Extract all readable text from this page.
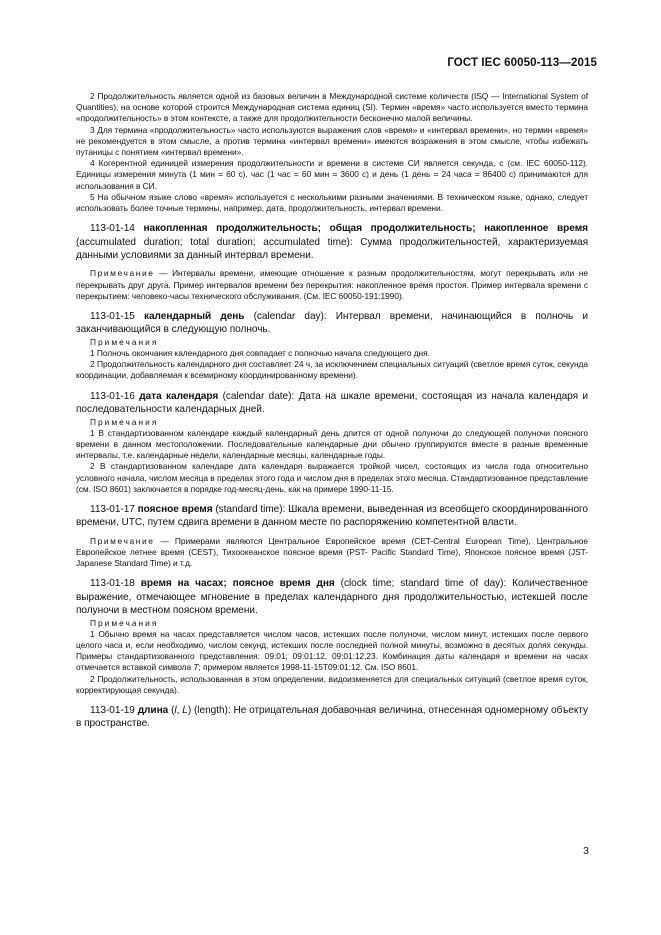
ГОСТ IEC 60050-113—2015

2 Продолжительность является одной из базовых величин в Международной системе количеств (ISQ — International System of Quantities), на основе которой строится Международная система единиц (SI). Термин «время» часто используется вместо термина «продолжительность» в этом контексте, а также для продолжительности бесконечно малой величины.

3 Для термина «продолжительность» часто используются выражения слов «время» и «интервал времени», но термин «время» не рекомендуется в этом смысле, а против термина «интервал времени» имеются возражения в этом смысле, чтобы избежать путаницы с понятием «интервал времени».

4 Когерентной единицей измерения продолжительности и времени в системе СИ является секунда, с (см. IEC 60050-112). Единицы измерения минута (1 мин = 60 с), час (1 час = 60 мин = 3600 с) и день (1 день = 24 часа = 86400 с) принимаются для использования в СИ.

5 На обычном языке слово «время» используется с несколькими разными значениями. В техническом языке, однако, следует использовать более точные термины, например, дата, продолжительность, интервал времени.

113-01-14 накопленная продолжительность; общая продолжительность; накопленное время (accumulated duration; total duration; accumulated time): Сумма продолжительностей, характеризуемая данными условиями за данный интервал времени.

Примечание — Интервалы времени, имеющие отношение к разным продолжительностям, могут перекрывать или не перекрывать друг друга. Пример интервалов времени без перекрытия: накопленное время простоя. Пример интервала времени с перекрытием: человеко-часы технического обслуживания. (См. IEC 60050-191:1990).

113-01-15 календарный день (calendar day): Интервал времени, начинающийся в полночь и заканчивающийся в следующую полночь.

Примечания

1 Полночь окончания календарного дня совпадает с полночью начала следующего дня.

2 Продолжительность календарного дня составляет 24 ч, за исключением специальных ситуаций (светлое время суток, секунда координации, добавляемая к всемирному координированному времени).

113-01-16 дата календаря (calendar date): Дата на шкале времени, состоящая из начала календаря и последовательности календарных дней.

Примечания

1 В стандартизованном календаре каждый календарный день длится от одной полуночи до следующей полуночи поясного времени в данном местоположении. Последовательные календарные дни обычно группируются вместе в разные временные интервалы, т.е. календарные недели, календарные месяцы, календарные годы.

2 В стандартизованном календаре дата календаря выражается тройкой чисел, состоящих из числа года относительно условного начала, числом месяца в пределах этого года и числом дня в пределах этого месяца. Стандартизованное представление (см. ISO 8601) заключается в порядке год-месяц-день, как на примере 1990-11-15.

113-01-17 поясное время (standard time): Шкала времени, выведенная из всеобщего скоординированного времени, UTC, путем сдвига времени в данном месте по распоряжению компетентной власти.

Примечание — Примерами являются Центральное Европейское время (CET-Central European Time), Центральное Европейское летнее время (CEST), Тихоокеанское поясное время (PST- Pacific Standard Time), Японское поясное время (JST-Japanese Standard Time) и т.д.

113-01-18 время на часах; поясное время дня (clock time; standard time of day): Количественное выражение, отмечающее мгновение в пределах календарного дня продолжительностью, истекшей после полуночи в местном поясном времени.

Примечания

1 Обычно время на часах представляется числом часов, истекших после полуночи, числом минут, истекших после первого целого часа и, если необходимо, числом секунд, истекших после последней полной минуты, возможно в десятых долях секунды. Примеры стандартизованного представления: 09:01; 09:01:12, 09:01:12,23. Комбинация даты календаря и времени на часах отмечается вставкой символа T; примером является 1998-11-15T09:01:12. См. ISO 8601.

2 Продолжительность, использованная в этом определении, видоизменяется для специальных ситуаций (светлое время суток, корректирующая секунда).

113-01-19 длина (l, L) (length): Не отрицательная добавочная величина, отнесенная одномерному объекту в пространстве.

3
